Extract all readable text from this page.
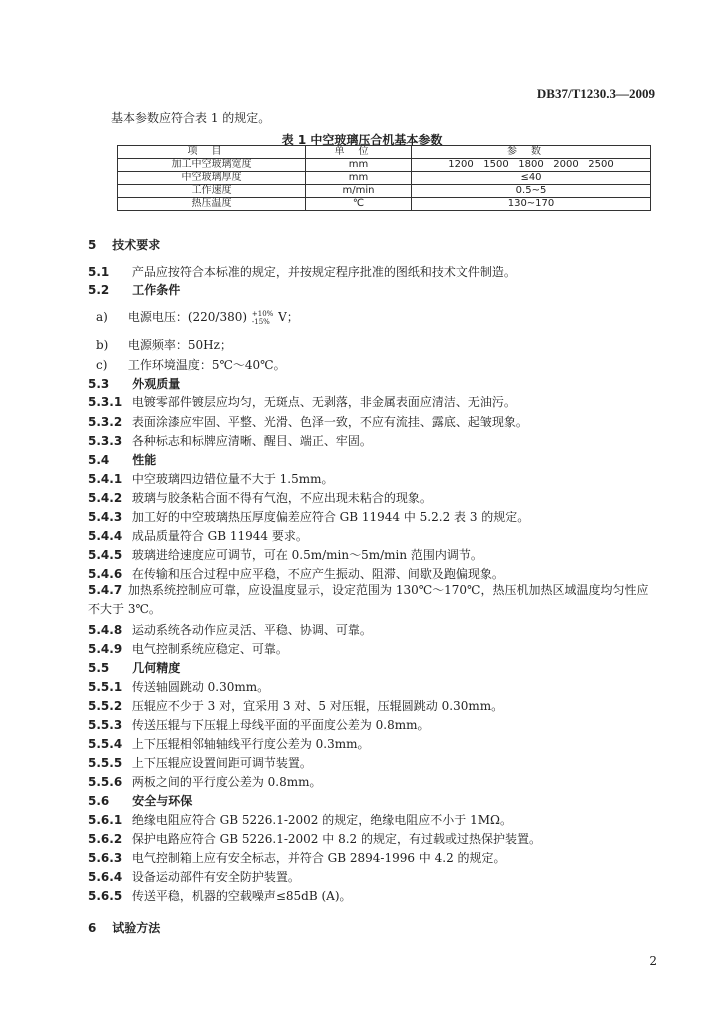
DB37/T1230.3—2009
基本参数应符合表 1 的规定。
表 1 中空玻璃压合机基本参数
项目	单位	参数
加工中空玻璃宽度	mm	1200   1500   1800   2000   2500
中空玻璃厚度	mm	≤40
工作速度	m/min	0.5~5
热压温度	℃	130~170
5 技术要求
5.1 产品应按符合本标准的规定，并按规定程序批准的图纸和技术文件制造。
5.2 工作条件
a) 电源电压：(220/380) +10%
-15% V；
b) 电源频率：50Hz；
c) 工作环境温度：5℃～40℃。
5.3 外观质量
5.3.1 电镀零部件镀层应均匀，无斑点、无剥落，非金属表面应清洁、无油污。
5.3.2 表面涂漆应牢固、平整、光滑、色泽一致，不应有流挂、露底、起皱现象。
5.3.3 各种标志和标牌应清晰、醒目、端正、牢固。
5.4 性能
5.4.1 中空玻璃四边错位量不大于 1.5mm。
5.4.2 玻璃与胶条粘合面不得有气泡，不应出现未粘合的现象。
5.4.3 加工好的中空玻璃热压厚度偏差应符合 GB 11944 中 5.2.2 表 3 的规定。
5.4.4 成品质量符合 GB 11944 要求。
5.4.5 玻璃进给速度应可调节，可在 0.5m/min～5m/min 范围内调节。
5.4.6 在传输和压合过程中应平稳，不应产生振动、阻滞、间歇及跑偏现象。
5.4.7 加热系统控制应可靠，应设温度显示，设定范围为 130℃～170℃，热压机加热区域温度均匀性应不大于 3℃。
5.4.8 运动系统各动作应灵活、平稳、协调、可靠。
5.4.9 电气控制系统应稳定、可靠。
5.5 几何精度
5.5.1 传送轴圆跳动 0.30mm。
5.5.2 压辊应不少于 3 对，宜采用 3 对、5 对压辊，压辊圆跳动 0.30mm。
5.5.3 传送压辊与下压辊上母线平面的平面度公差为 0.8mm。
5.5.4 上下压辊相邻轴轴线平行度公差为 0.3mm。
5.5.5 上下压辊应设置间距可调节装置。
5.5.6 两板之间的平行度公差为 0.8mm。
5.6 安全与环保
5.6.1 绝缘电阻应符合 GB 5226.1-2002 的规定，绝缘电阻应不小于 1MΩ。
5.6.2 保护电路应符合 GB 5226.1-2002 中 8.2 的规定，有过载或过热保护装置。
5.6.3 电气控制箱上应有安全标志，并符合 GB 2894-1996 中 4.2 的规定。
5.6.4 设备运动部件有安全防护装置。
5.6.5 传送平稳，机器的空载噪声≤85dB (A)。
6 试验方法
2
